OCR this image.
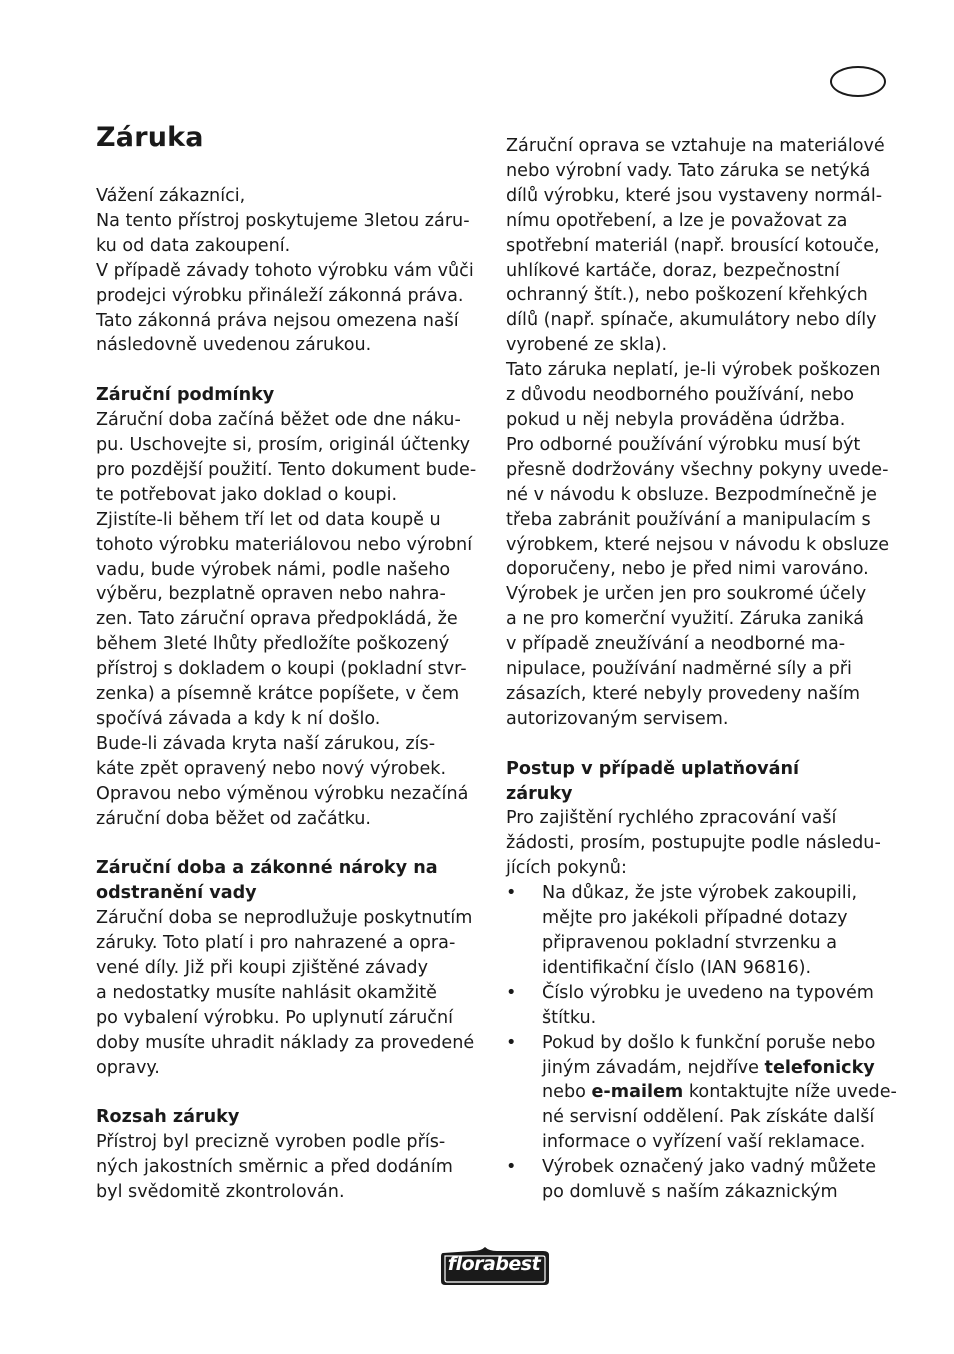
Záruka

Vážení zákazníci,

Na tento přístroj poskytujeme 3letou záru-

ku od data zakoupení.

V případě závady tohoto výrobku vám vůči

prodejci výrobku přináleží zákonná práva.

Tato zákonná práva nejsou omezena naší

následovně uvedenou zárukou.

Záruční podmínky

Záruční doba začíná běžet ode dne náku-

pu. Uschovejte si, prosím, originál účtenky

pro pozdější použití. Tento dokument bude-

te potřebovat jako doklad o koupi.

Zjistíte-li během tří let od data koupě u

tohoto výrobku materiálovou nebo výrobní

vadu, bude výrobek námi, podle našeho

výběru, bezplatně opraven nebo nahra-

zen. Tato záruční oprava předpokládá, že

během 3leté lhůty předložíte poškozený

přístroj s dokladem o koupi (pokladní stvr-

zenka) a písemně krátce popíšete, v čem

spočívá závada a kdy k ní došlo.

Bude-li závada kryta naší zárukou, zís-

káte zpět opravený nebo nový výrobek.

Opravou nebo výměnou výrobku nezačíná

záruční doba běžet od začátku.

Záruční doba a zákonné nároky na

odstranění vady

Záruční doba se neprodlužuje poskytnutím

záruky. Toto platí i pro nahrazené a opra-

vené díly. Již při koupi zjištěné závady

a nedostatky musíte nahlásit okamžitě

po vybalení výrobku. Po uplynutí záruční

doby musíte uhradit náklady za provedené

opravy.

Rozsah záruky

Přístroj byl precizně vyroben podle přís-

ných jakostních směrnic a před dodáním

byl svědomitě zkontrolován.

Záruční oprava se vztahuje na materiálové

nebo výrobní vady. Tato záruka se netýká

dílů výrobku, které jsou vystaveny normál-

nímu opotřebení, a lze je považovat za

spotřební materiál (např. brousící kotouče,

uhlíkové kartáče, doraz, bezpečnostní

ochranný štít.), nebo poškození křehkých

dílů (např. spínače, akumulátory nebo díly

vyrobené ze skla).

Tato záruka neplatí, je-li výrobek poškozen

z důvodu neodborného používání, nebo

pokud u něj nebyla prováděna údržba.

Pro odborné používání výrobku musí být

přesně dodržovány všechny pokyny uvede-

né v návodu k obsluze. Bezpodmínečně je

třeba zabránit používání a manipulacím s

výrobkem, které nejsou v návodu k obsluze

doporučeny, nebo je před nimi varováno.

Výrobek je určen jen pro soukromé účely

a ne pro komerční využití. Záruka zaniká

v případě zneužívání a neodborné ma-

nipulace, používání nadměrné síly a při

zásazích, které nebyly provedeny naším

autorizovaným servisem.

Postup v případě uplatňování

záruky

Pro zajištění rychlého zpracování vaší

žádosti, prosím, postupujte podle následu-

jících pokynů:

•	Na důkaz, že jste výrobek zakoupili,

mějte pro jakékoli případné dotazy

připravenou pokladní stvrzenku a

identifikační číslo (IAN 96816).

•	Číslo výrobku je uvedeno na typovém

štítku.

•	Pokud by došlo k funkční poruše nebo

jiným závadám, nejdříve telefonicky

nebo e-mailem kontaktujte níže uvede-

né servisní oddělení. Pak získáte další

informace o vyřízení vaší reklamace.

•	Výrobek označený jako vadný můžete

po domluvě s naším zákaznickým

florabest
